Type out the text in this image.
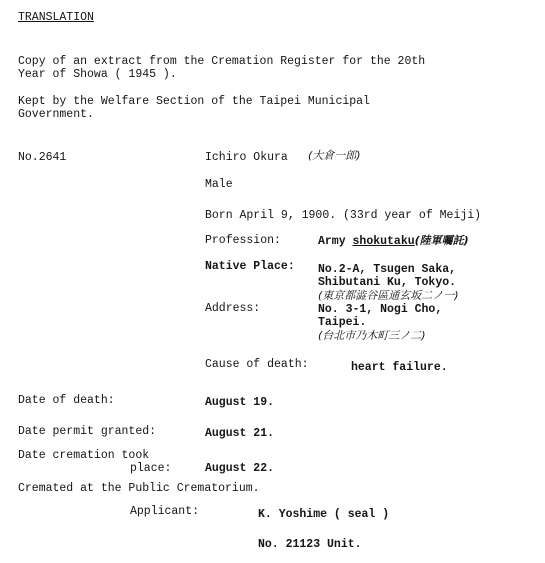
TRANSLATION
Copy of an extract from the Cremation Register for the 20th
Year of Showa ( 1945 ).
Kept by the Welfare Section of the Taipei Municipal
Government.
No.2641	Ichiro Okura (大倉一郎)
Male
Born April 9, 1900. (33rd year of Meiji)
Profession:	Army shokutaku(陸軍囑託)
Native Place: No.2-A, Tsugen Saka,
Shibutani Ku, Tokyo.
(東京都澁谷區通玄坂二ノ一)
Address:	No. 3-1, Nogi Cho,
Taipei.
(台北市乃木町三ノ二)
Cause of death:	heart failure.
Date of death:	August 19.
Date permit granted:	August 21.
Date cremation took
place:	August 22.
Cremated at the Public Crematorium.
Applicant:	K. Yoshime ( seal )
No. 21123 Unit.
